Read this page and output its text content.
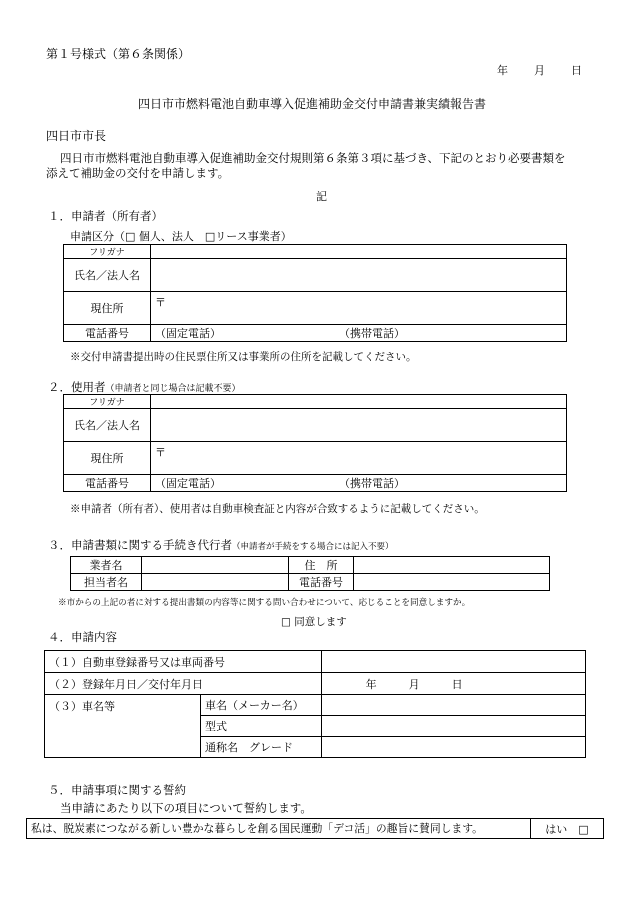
第１号様式（第６条関係）
年 月 日
四日市市燃料電池自動車導入促進補助金交付申請書兼実績報告書
四日市市長
四日市市燃料電池自動車導入促進補助金交付規則第６条第３項に基づき、下記のとおり必要書類を
添えて補助金の交付を申請します。
記
１．申請者（所有者）
申請区分（□ 個人、法人　□リース事業者）
フリガナ	
氏名／法人名	
現住所	〒
電話番号	（固定電話） （携帯電話）
※交付申請書提出時の住民票住所又は事業所の住所を記載してください。
２．使用者（申請者と同じ場合は記載不要）
フリガナ	
氏名／法人名	
現住所	〒
電話番号	（固定電話） （携帯電話）
※申請者（所有者）、使用者は自動車検査証と内容が合致するように記載してください。
３．申請書類に関する手続き代行者（申請者が手続をする場合には記入不要）
業者名		住　所	
担当者名		電話番号	
※市からの上記の者に対する提出書類の内容等に関する問い合わせについて、応じることを同意しますか。
□ 同意します
４．申請内容
（１）自動車登録番号又は車両番号		
（２）登録年月日／交付年月日		年 月 日
（３）車名等	車名（メーカー名）	
	型式	
	通称名　グレード	
５．申請事項に関する誓約
当申請にあたり以下の項目について誓約します。
私は、脱炭素につながる新しい豊かな暮らしを創る国民運動「デコ活」の趣旨に賛同します。	はい　□
